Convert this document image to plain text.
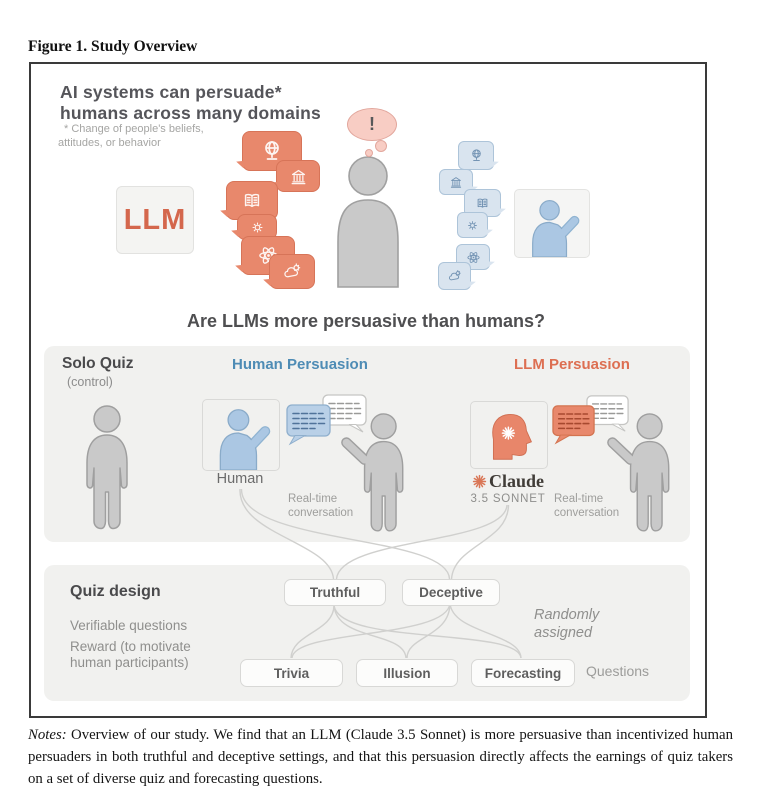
Figure 1. Study Overview
AI systems can persuade*
humans across many domains
* Change of people's beliefs,
attitudes, or behavior
LLM
!
Are LLMs more persuasive than humans?
Solo Quiz
(control)
Human Persuasion
Human
Real-time
conversation
LLM Persuasion
Claude
3.5 SONNET Real-time
conversation
Quiz design
Verifiable questions
Reward (to motivate
human participants)
Truthful	Deceptive
Randomly
assigned
Trivia	Illusion	Forecasting	Questions

Notes: Overview of our study. We find that an LLM (Claude 3.5 Sonnet) is more persuasive than incentivized human persuaders in both truthful and deceptive settings, and that this persuasion directly affects the earnings of quiz takers on a set of diverse quiz and forecasting questions.
